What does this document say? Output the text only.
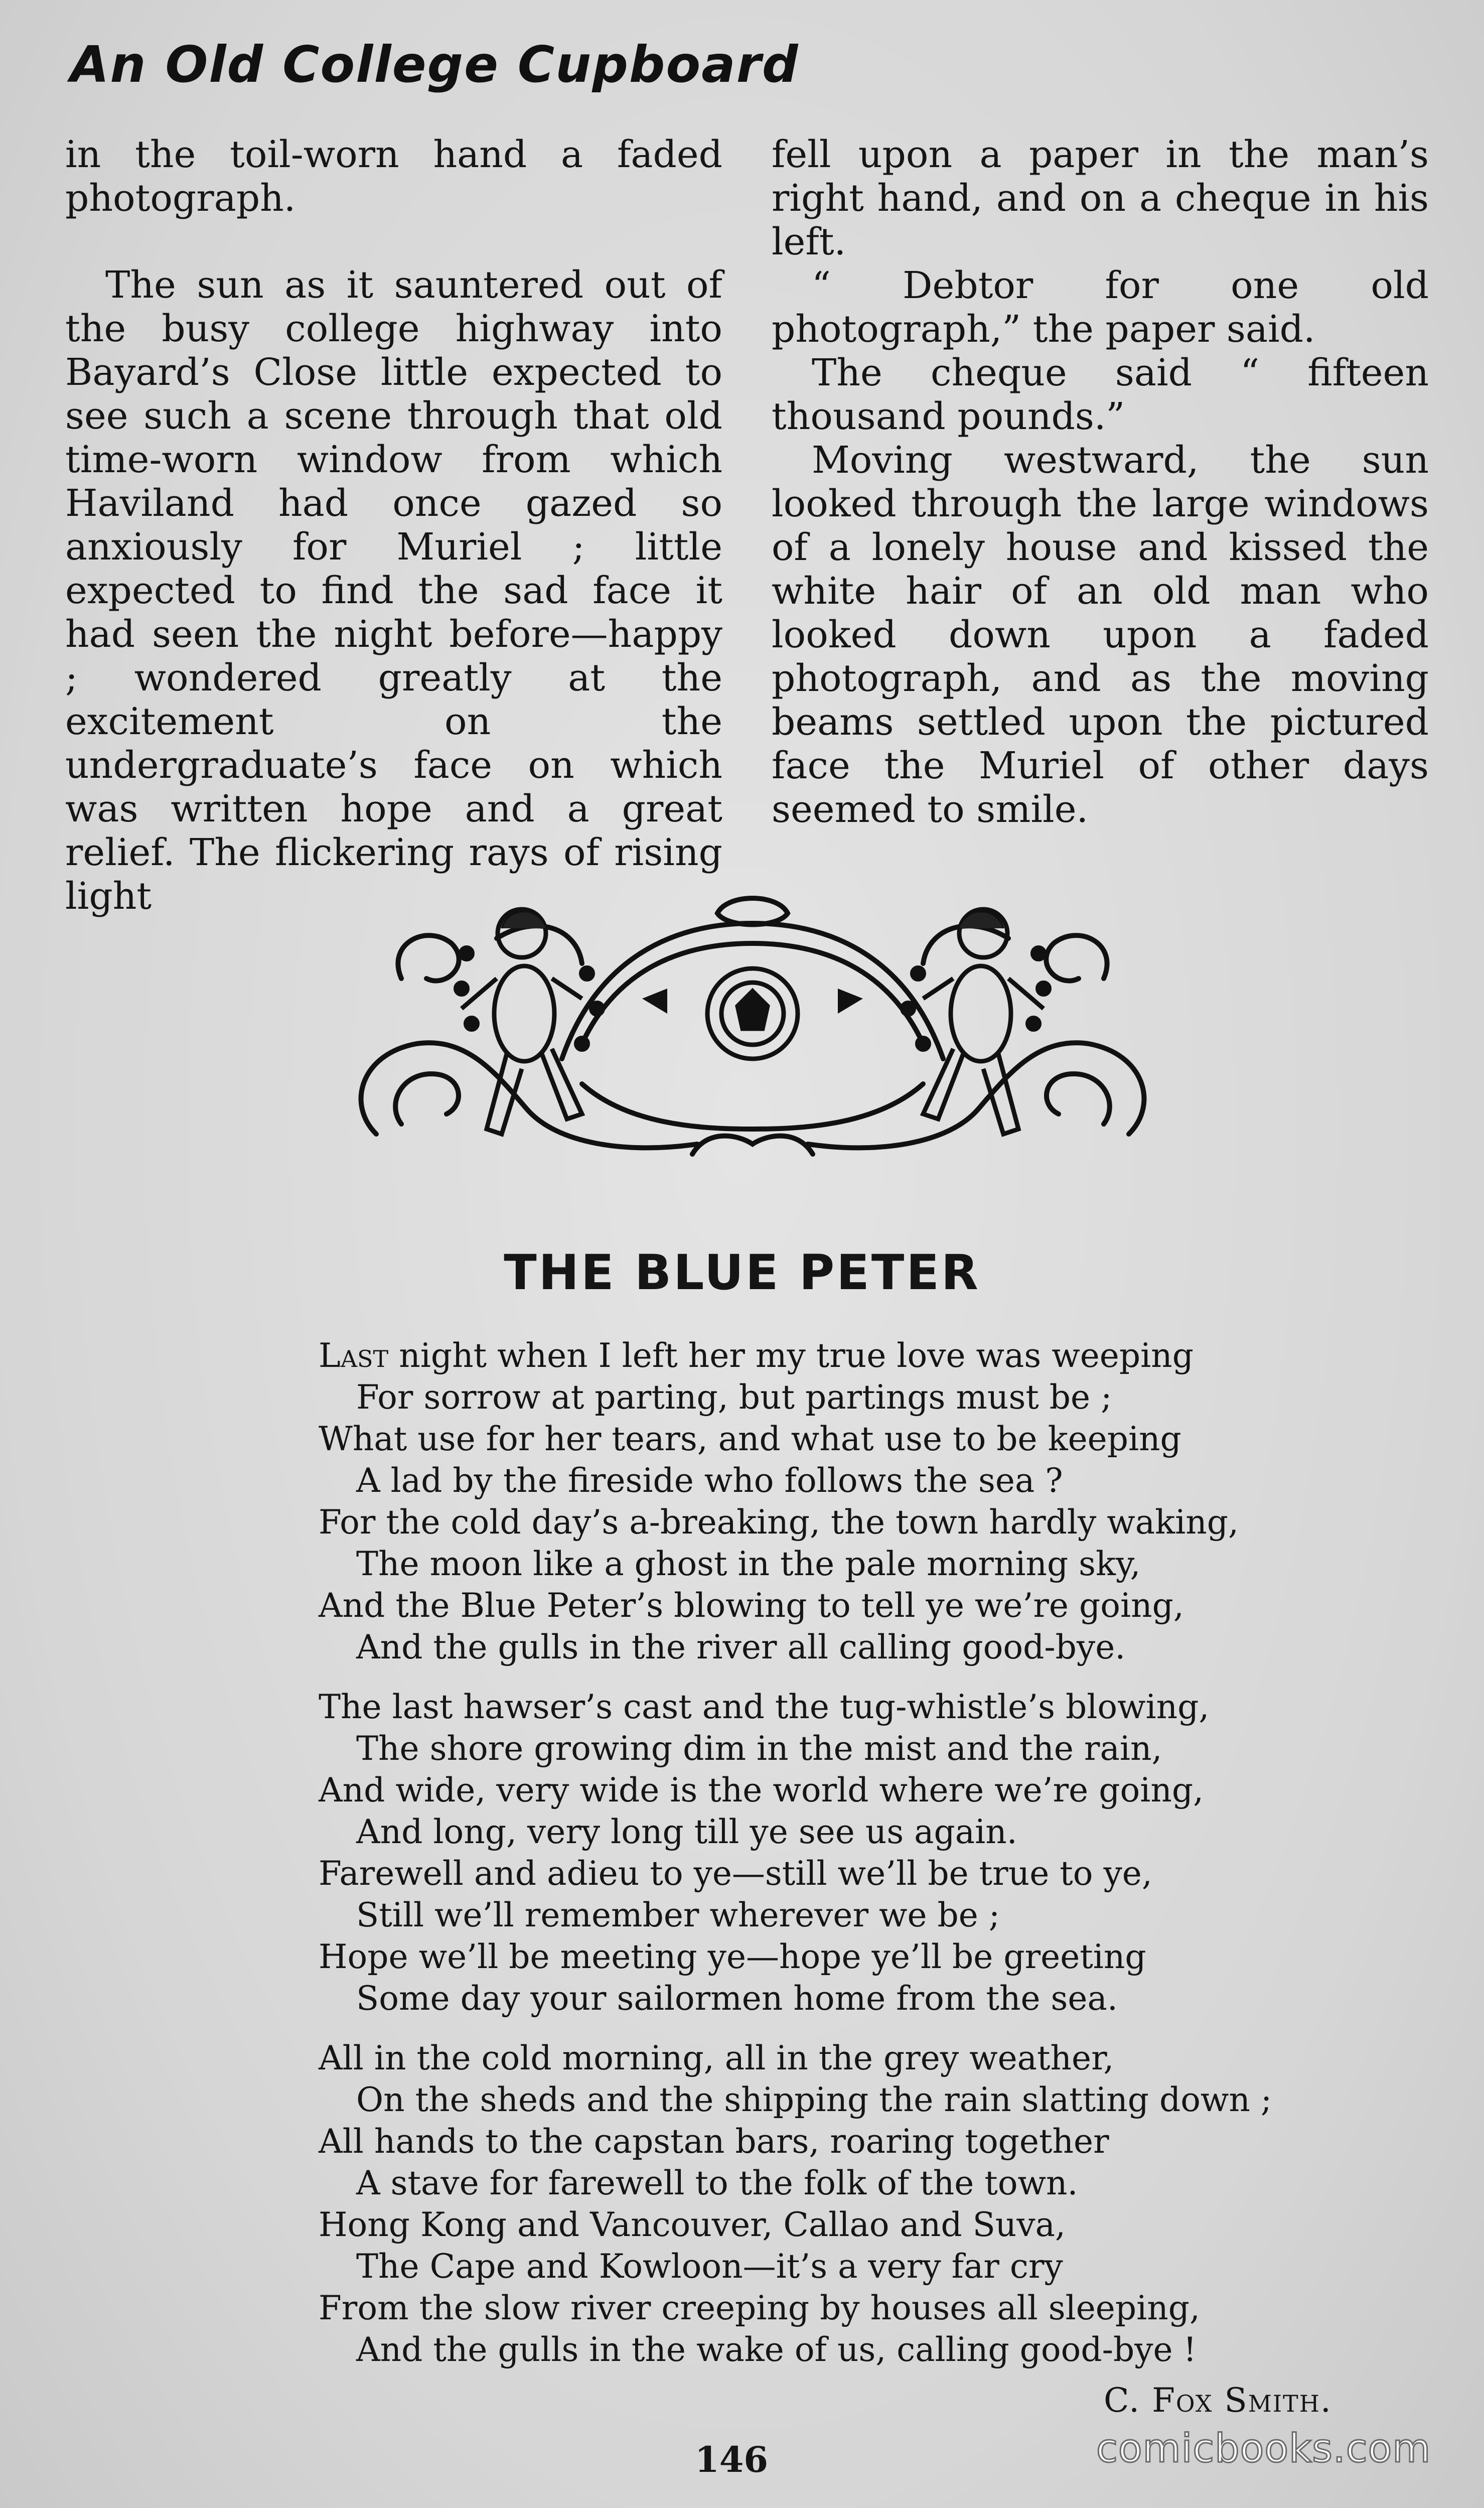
An Old College Cupboard

in the toil-worn hand a faded photograph.

The sun as it sauntered out of the busy college highway into Bayard’s Close little expected to see such a scene through that old time-worn window from which Haviland had once gazed so anxiously for Muriel ; little expected to find the sad face it had seen the night before—happy ; wondered greatly at the excitement on the undergraduate’s face on which was written hope and a great relief. The flickering rays of rising light

fell upon a paper in the man’s right hand, and on a cheque in his left.

“ Debtor for one old photograph,” the paper said.

The cheque said “ fifteen thousand pounds.”

Moving westward, the sun looked through the large windows of a lonely house and kissed the white hair of an old man who looked down upon a faded photograph, and as the moving beams settled upon the pictured face the Muriel of other days seemed to smile.

THE BLUE PETER
Last night when I left her my true love was weeping
For sorrow at parting, but partings must be ;
What use for her tears, and what use to be keeping
A lad by the fireside who follows the sea ?
For the cold day’s a-breaking, the town hardly waking,
The moon like a ghost in the pale morning sky,
And the Blue Peter’s blowing to tell ye we’re going,
And the gulls in the river all calling good-bye.
The last hawser’s cast and the tug-whistle’s blowing,
The shore growing dim in the mist and the rain,
And wide, very wide is the world where we’re going,
And long, very long till ye see us again.
Farewell and adieu to ye—still we’ll be true to ye,
Still we’ll remember wherever we be ;
Hope we’ll be meeting ye—hope ye’ll be greeting
Some day your sailormen home from the sea.
All in the cold morning, all in the grey weather,
On the sheds and the shipping the rain slatting down ;
All hands to the capstan bars, roaring together
A stave for farewell to the folk of the town.
Hong Kong and Vancouver, Callao and Suva,
The Cape and Kowloon—it’s a very far cry
From the slow river creeping by houses all sleeping,
And the gulls in the wake of us, calling good-bye !
C. Fox Smith.
146	comicbooks.com
